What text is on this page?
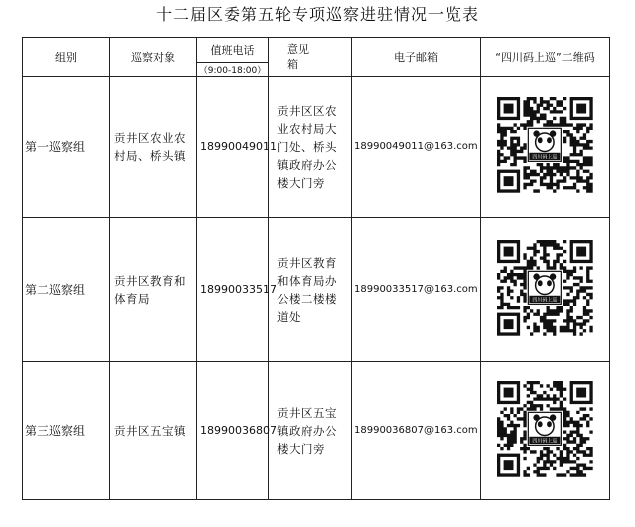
十二届区委第五轮专项巡察进驻情况一览表
组别	巡察对象	值班电话	意见箱	电子邮箱	“四川码上巡”二维码
		（9:00-18:00）			
第一巡察组	贡井区农业农村局、桥头镇	18990049011	贡井区区农业农村局大门处、桥头镇政府办公楼大门旁	18990049011@163.com	四川码上巡

第二巡察组	贡井区教育和体育局	18990033517	贡井区教育和体育局办公楼二楼楼道处	18990033517@163.com	四川码上巡

第三巡察组	贡井区五宝镇	18990036807	贡井区五宝镇政府办公楼大门旁	18990036807@163.com	四川码上巡
